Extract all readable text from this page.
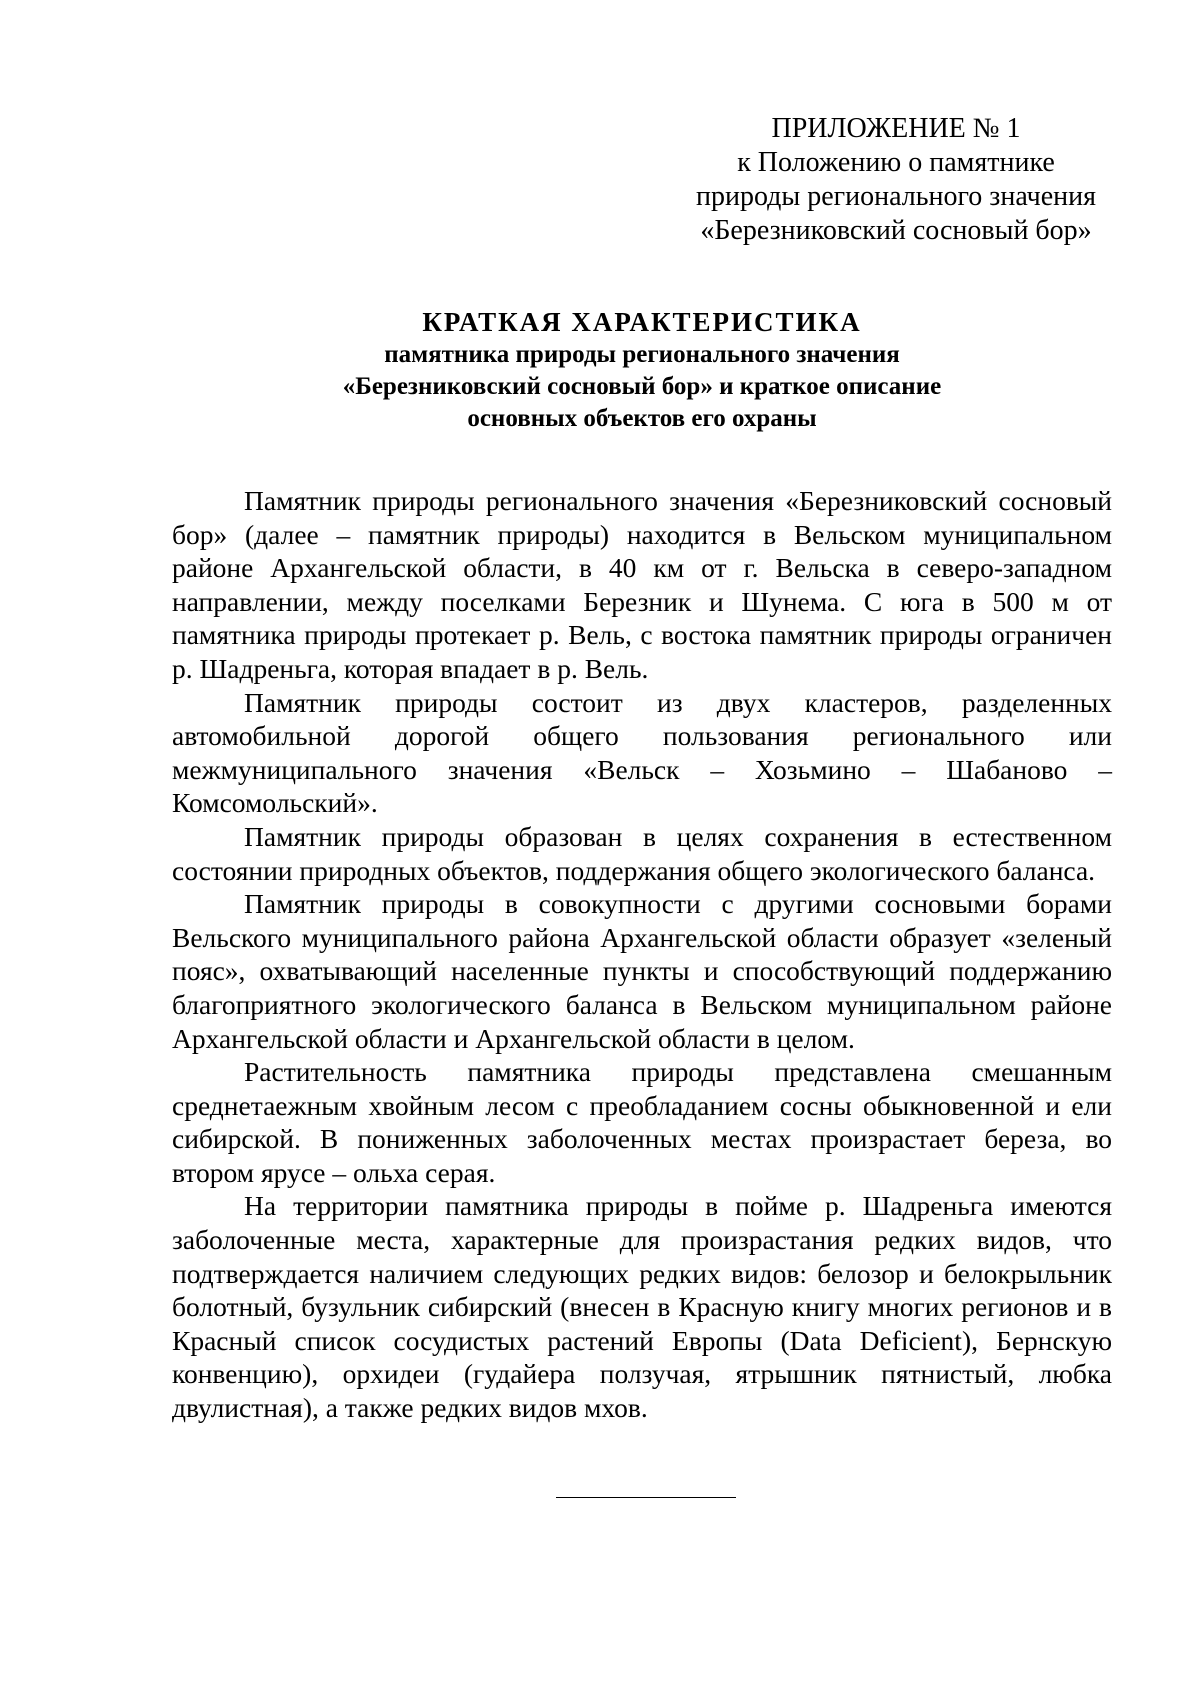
ПРИЛОЖЕНИЕ № 1
к Положению о памятнике
природы регионального значения
«Березниковский сосновый бор»
КРАТКАЯ ХАРАКТЕРИСТИКА
памятника природы регионального значения
«Березниковский сосновый бор» и краткое описание
основных объектов его охраны

Памятник природы регионального значения «Березниковский сосновый бор» (далее – памятник природы) находится в Вельском муниципальном районе Архангельской области, в 40 км от г. Вельска в северо-западном направлении, между поселками Березник и Шунема. С юга в 500 м от памятника природы протекает р. Вель, с востока памятник природы ограничен р. Шадреньга, которая впадает в р. Вель.

Памятник природы состоит из двух кластеров, разделенных автомобильной дорогой общего пользования регионального или межмуниципального значения «Вельск – Хозьмино – Шабаново – Комсомольский».

Памятник природы образован в целях сохранения в естественном состоянии природных объектов, поддержания общего экологического баланса.

Памятник природы в совокупности с другими сосновыми борами Вельского муниципального района Архангельской области образует «зеленый пояс», охватывающий населенные пункты и способствующий поддержанию благоприятного экологического баланса в Вельском муниципальном районе Архангельской области и Архангельской области в целом.

Растительность памятника природы представлена смешанным среднетаежным хвойным лесом с преобладанием сосны обыкновенной и ели сибирской. В пониженных заболоченных местах произрастает береза, во втором ярусе – ольха серая.

На территории памятника природы в пойме р. Шадреньга имеются заболоченные места, характерные для произрастания редких видов, что подтверждается наличием следующих редких видов: белозор и белокрыльник болотный, бузульник сибирский (внесен в Красную книгу многих регионов и в Красный список сосудистых растений Европы (Data Deficient), Бернскую конвенцию), орхидеи (гудайера ползучая, ятрышник пятнистый, любка двулистная), а также редких видов мхов.
